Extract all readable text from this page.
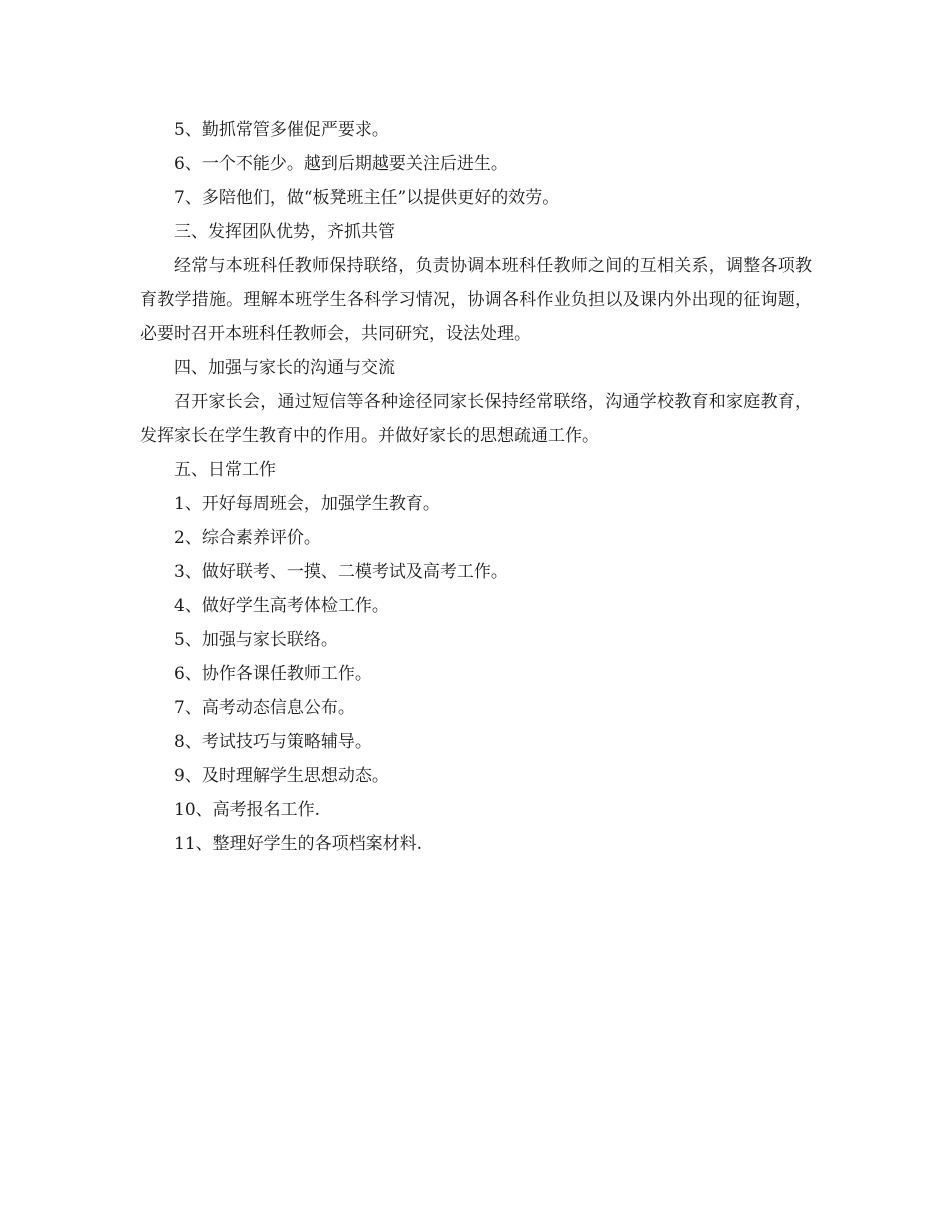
5、勤抓常管多催促严要求。

6、一个不能少。越到后期越要关注后进生。

7、多陪他们，做“板凳班主任”以提供更好的效劳。

三、发挥团队优势，齐抓共管

经常与本班科任教师保持联络，负责协调本班科任教师之间的互相关系，调整各项教育教学措施。理解本班学生各科学习情况，协调各科作业负担以及课内外出现的征询题，必要时召开本班科任教师会，共同研究，设法处理。

四、加强与家长的沟通与交流

召开家长会，通过短信等各种途径同家长保持经常联络，沟通学校教育和家庭教育，发挥家长在学生教育中的作用。并做好家长的思想疏通工作。

五、日常工作

1、开好每周班会，加强学生教育。

2、综合素养评价。

3、做好联考、一摸、二模考试及高考工作。

4、做好学生高考体检工作。

5、加强与家长联络。

6、协作各课任教师工作。

7、高考动态信息公布。

8、考试技巧与策略辅导。

9、及时理解学生思想动态。

10、高考报名工作.

11、整理好学生的各项档案材料.
